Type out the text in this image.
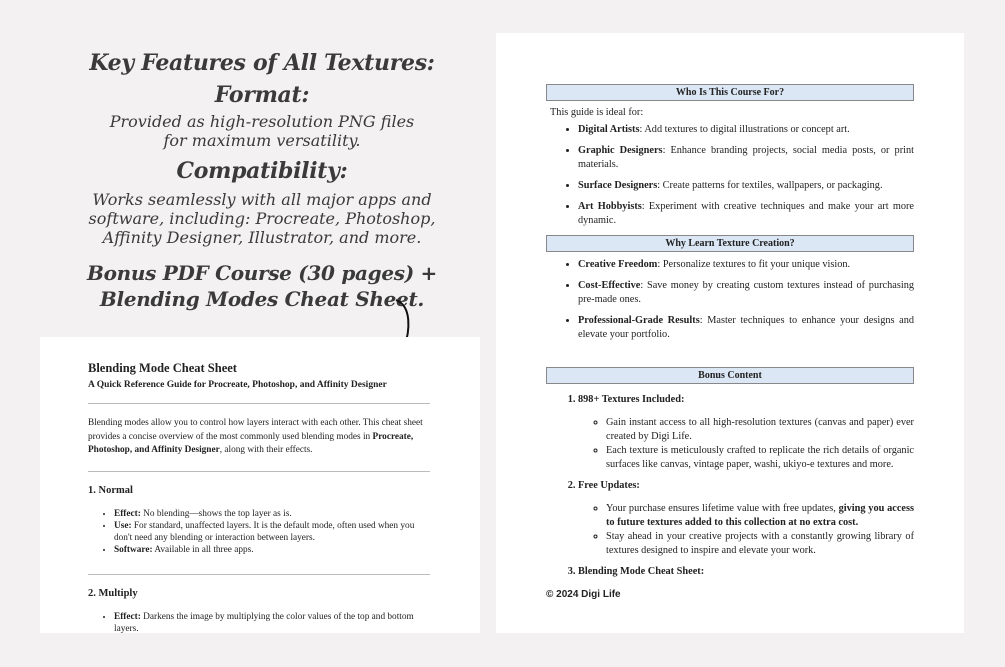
Key Features of All Textures:
Format:
Provided as high-resolution PNG files
for maximum versatility.
Compatibility:
Works seamlessly with all major apps and
software, including: Procreate, Photoshop,
Affinity Designer, Illustrator, and more.
Bonus PDF Course (30 pages) +
Blending Modes Cheat Sheet.
Blending Mode Cheat Sheet
A Quick Reference Guide for Procreate, Photoshop, and Affinity Designer
Blending modes allow you to control how layers interact with each other. This cheat sheet provides a concise overview of the most commonly used blending modes in Procreate, Photoshop, and Affinity Designer, along with their effects.
1. Normal
• Effect: No blending—shows the top layer as is.
• Use: For standard, unaffected layers. It is the default mode, often used when you don't need any blending or interaction between layers.
• Software: Available in all three apps.
2. Multiply
• Effect: Darkens the image by multiplying the color values of the top and bottom layers.
Who Is This Course For?
This guide is ideal for:
• Digital Artists: Add textures to digital illustrations or concept art.
• Graphic Designers: Enhance branding projects, social media posts, or print materials.
• Surface Designers: Create patterns for textiles, wallpapers, or packaging.
• Art Hobbyists: Experiment with creative techniques and make your art more dynamic.
Why Learn Texture Creation?
• Creative Freedom: Personalize textures to fit your unique vision.
• Cost-Effective: Save money by creating custom textures instead of purchasing pre-made ones.
• Professional-Grade Results: Master techniques to enhance your designs and elevate your portfolio.
Bonus Content
1. 898+ Textures Included:
◦ Gain instant access to all high-resolution textures (canvas and paper) ever created by Digi Life.
◦ Each texture is meticulously crafted to replicate the rich details of organic surfaces like canvas, vintage paper, washi, ukiyo-e textures and more.
2. Free Updates:
◦ Your purchase ensures lifetime value with free updates, giving you access to future textures added to this collection at no extra cost.
◦ Stay ahead in your creative projects with a constantly growing library of textures designed to inspire and elevate your work.
3. Blending Mode Cheat Sheet:
© 2024 Digi Life
